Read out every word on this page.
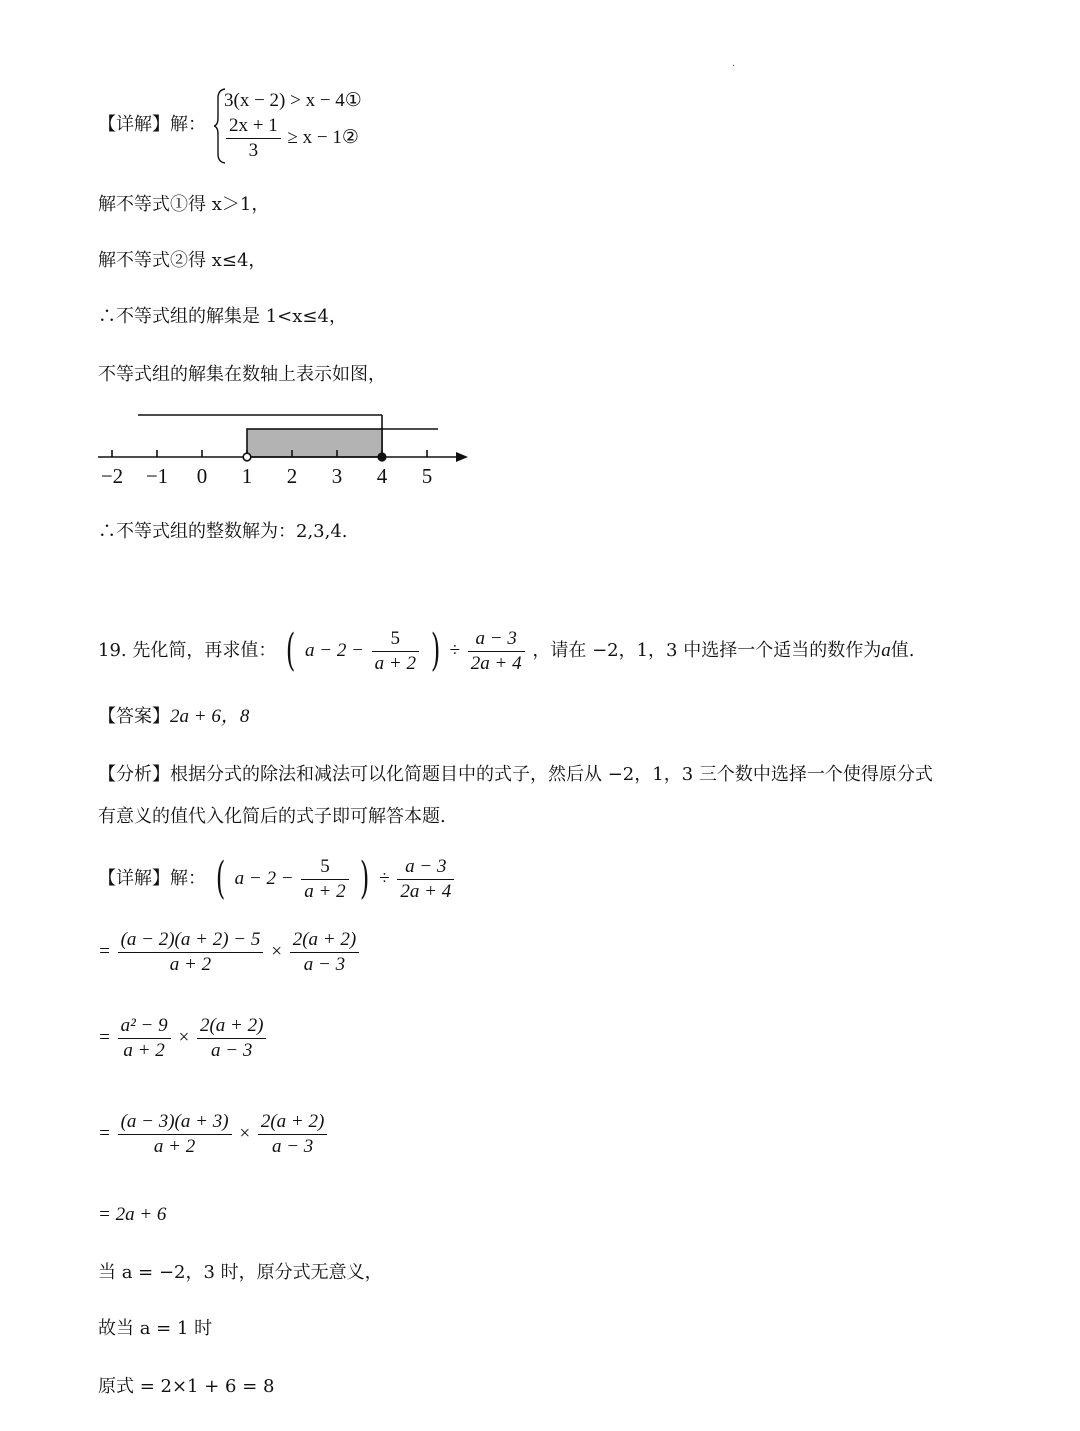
·
【详解】解：
3(x − 2) > x − 4①
$\frac{2x + 1}{3} \ge x$ − 1②
解不等式①得 x＞1，
解不等式②得 x≤4，
∴不等式组的解集是 1<x≤4，
不等式组的解集在数轴上表示如图，
−2 −1 0 1 2 3 4 5
∴不等式组的整数解为：2,3,4.
19. 先化简，再求值： ( $a - 2 - \frac{5}{a + 2}$ ) ÷ $\frac{a - 3}{2a + 4}$ ，请在 −2，1，3 中选择一个适当的数作为a值.
【答案】2a + 6，8
【分析】根据分式的除法和减法可以化简题目中的式子，然后从 −2，1，3 三个数中选择一个使得原分式
有意义的值代入化简后的式子即可解答本题.
【详解】解： ( $a - 2 - \frac{5}{a + 2}$ ) ÷ $\frac{a - 3}{2a + 4}$
= $\frac{(a - 2)(a + 2) - 5}{a + 2} \times \frac{2(a + 2)}{a - 3}$
= $\frac{\text{a² − 9}}{a + 2} \times \frac{2(a + 2)}{a - 3}$
= $\frac{(a - 3)(a + 3)}{a + 2} \times \frac{2(a + 2)}{a - 3}$
= 2a + 6
当 a = −2，3 时，原分式无意义，
故当 a = 1 时
原式 = 2×1 + 6 = 8
